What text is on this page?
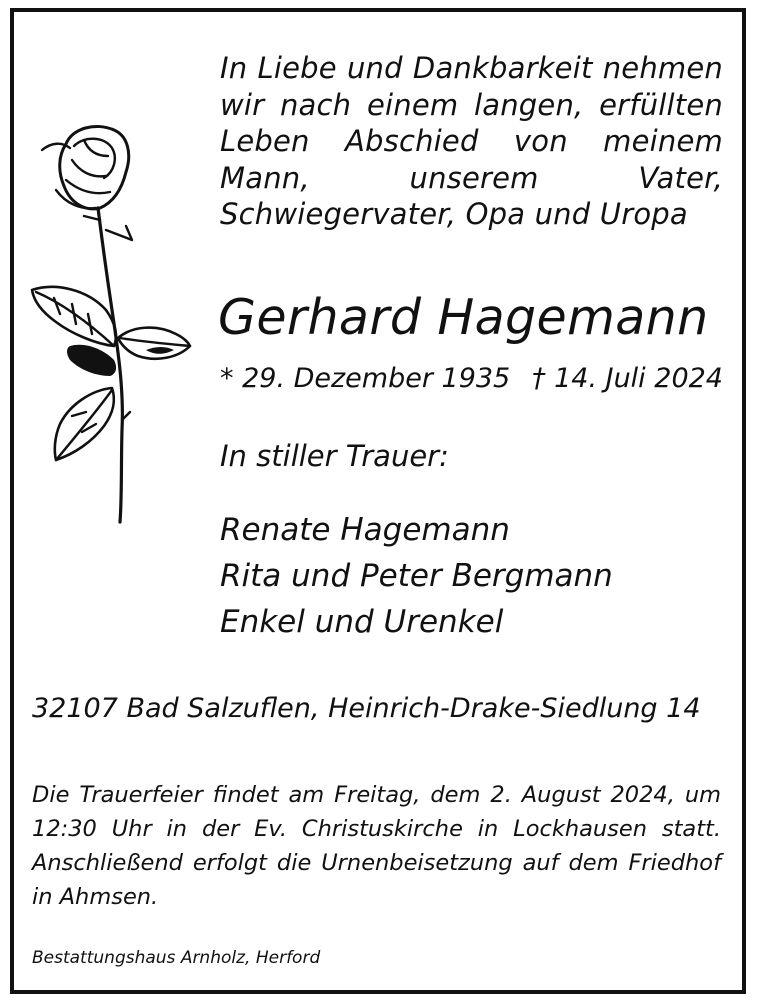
In Liebe und Dankbarkeit nehmen wir nach einem langen, erfüllten Leben Abschied von meinem Mann, unserem Vater, Schwiegervater, Opa und Uropa
Gerhard Hagemann
* 29. Dezember 1935 † 14. Juli 2024
In stiller Trauer:
Renate Hagemann
Rita und Peter Bergmann
Enkel und Urenkel
32107 Bad Salzuflen, Heinrich-Drake-Siedlung 14
Die Trauerfeier findet am Freitag, dem 2. August 2024, um 12:30 Uhr in der Ev. Christuskirche in Lockhausen statt. Anschließend erfolgt die Urnenbeisetzung auf dem Friedhof in Ahmsen.
Bestattungshaus Arnholz, Herford
